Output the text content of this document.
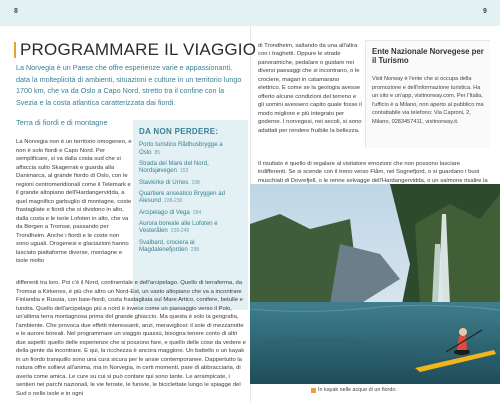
8	9
PROGRAMMARE IL VIAGGIO

La Norvegia è un Paese che offre esperienze varie e appassionanti, data la molteplicità di ambienti, situazioni e culture in un territorio lungo 1700 km, che va da Oslo a Capo Nord, stretto tra il confine con la Svezia e la costa atlantica caratterizzata dai fiordi.

Terra di fiordi e di montagne

La Norvegia non è un territorio omogeneo, e non è solo fiordi e Capo Nord. Per semplificare, si va dalla costa sud che si affaccia sullo Skagerrak e guarda alla Danimarca, al grande fiordo di Oslo, con le regioni centromeridionali come il Telemark e il grande altopiano dell'Hardangervidda, a quel magnifico garbuglio di montagne, coste frastagliate e fiordi che si dividono in alto, dalla costa e le isole Lofoten in alto, che va da Bergen a Tromsø, passando per Trondheim. Anche i fiordi e le coste non sono uguali. Orogenesi e glaciazioni hanno lasciato piattaforme diverse, montagne e isole molto

DA NON PERDERE:
Porto turistico Rådhusbrygge a Oslo 85
Strada del Mare del Nord, Nordsjøvegen 153
Stavkirke di Urnes 198
Quartiere anseatico Bryggen ad Alesund 228-230
Arcipelago di Vega 294
Aurora boreale alle Lofoten e Vesterålen 239-249
Svalbard, crociera al Magdalenefjorden 298

differenti tra loro. Poi c'è il Nord, continentale e dell'arcipelago. Quello di terraferma, da Tromsø a Kirkenes, è più che altro un Nord-Est, un vasto altopiano che va a incontrare Finlandia e Russia, con baie-fiordi, costa frastagliata sul Mare Artico, conifere, betulle e tundra. Quello dell'arcipelago più a nord è invece come un paesaggio verso il Polo, un'altima terra montagnosa prima del grande ghiaccio. Ma questa è solo la geografia, l'ambiente. Che provoca due effetti interessanti, anzi, meravigliosi: il sole di mezzanotte e le aurore boreali. Nel programmare un viaggio quassù, bisogna tenere conto di altri due aspetti: quello delle esperienze che si possono fare, e quello delle cose da vedere e della gente da incontrare. E qui, la ricchezza è ancora maggiore. Un battello o un kayak in un fiordo tranquillo sono una cura sicura per le ansie contemporanee. Dappertutto la natura offre sollievi all'anima, ma in Norvegia, in certi momenti, pare di abbracciarla, di averla come amica. Le cure su cui si può contare qui sono tante. Le arrampicate, i sentieri nei parchi nazionali, le vie ferrate, le funivie, le biciclettate lungo le spiagge del Sud o nelle isole e in ogni

di Trondheim, saltando da una all'altra con i traghetti. Oppure le strade panoramiche, pedalare o guidare nei diversi paesaggi che si incontrano, o le crociere, magari in catamarano elettrico. E come se la geologia avesse offerto alcune condizioni del terreno e gli uomini avessero capito quale fosse il modo migliore e più integrato per goderne. I norvegesi, nei secoli, si sono adattati per rendere fruibile la bellezza.

Ente Nazionale Norvegese per il Turismo

Visit Norway è l'ente che si occupa della promozione e dell'informazione turistica. Ha un sito e un'app, visitnorway.com. Per l'Italia, l'ufficio è a Milano, non aperto al pubblico ma contattabile via telefono: Via Caproni, 2, Milano, 0283457411, visitnorway.it.

Il risultato è quello di regalare al visitatore emozioni che non possono lasciare indifferenti. Se si scende con il treno verso Flåm, nel Sognefjord, o si guardano i buoi muschiati di Dovrefjell, o le renne selvagge dell'Hardangervidda, o un salmone risalire la

In kayak nelle acque di un fiordo.
